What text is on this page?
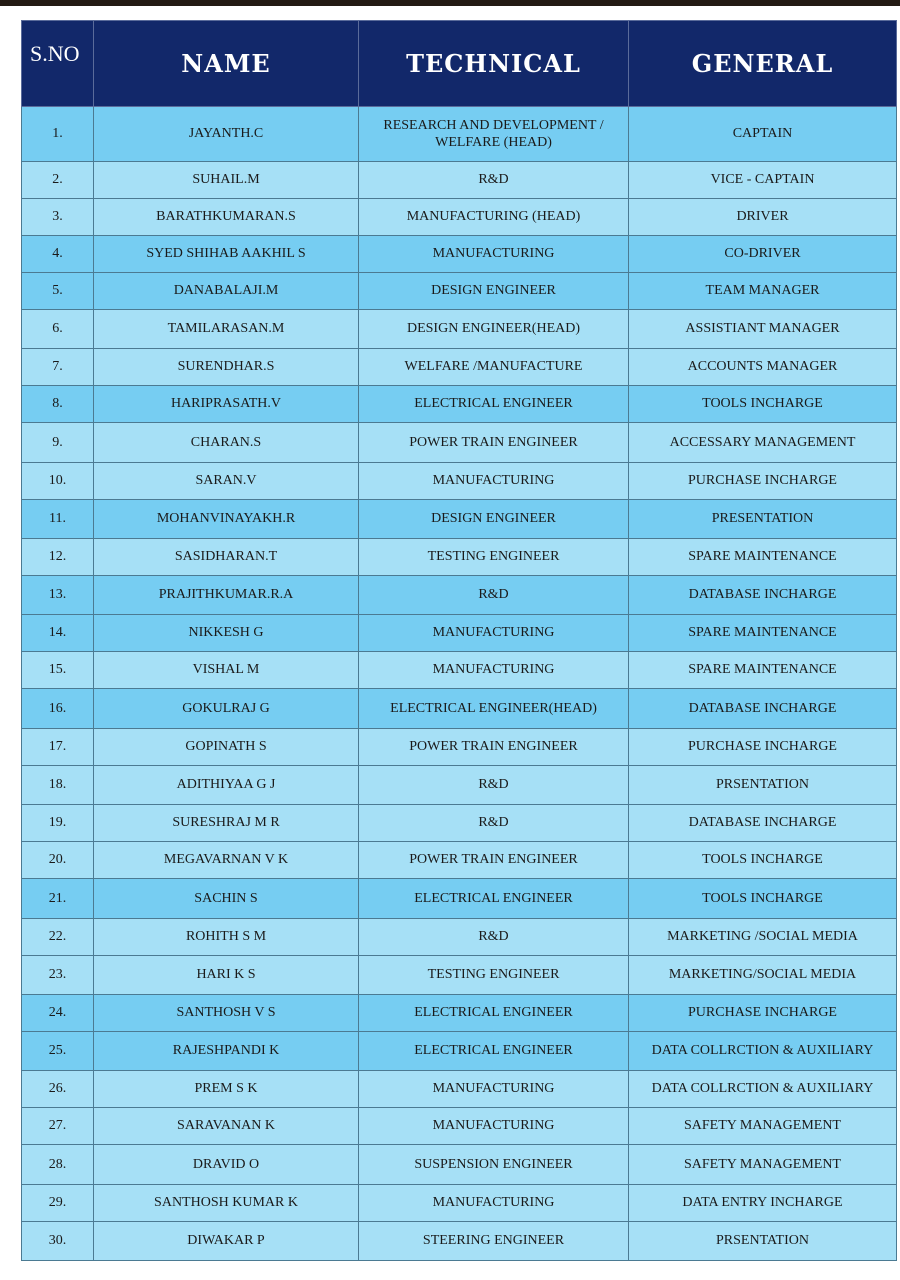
S.NO	NAME	TECHNICAL	GENERAL
1.	JAYANTH.C	RESEARCH AND DEVELOPMENT / WELFARE (HEAD)	CAPTAIN
2.	SUHAIL.M	R&D	VICE - CAPTAIN
3.	BARATHKUMARAN.S	MANUFACTURING (HEAD)	DRIVER
4.	SYED SHIHAB AAKHIL S	MANUFACTURING	CO-DRIVER
5.	DANABALAJI.M	DESIGN ENGINEER	TEAM MANAGER
6.	TAMILARASAN.M	DESIGN ENGINEER(HEAD)	ASSISTIANT MANAGER
7.	SURENDHAR.S	WELFARE /MANUFACTURE	ACCOUNTS MANAGER
8.	HARIPRASATH.V	ELECTRICAL ENGINEER	TOOLS INCHARGE
9.	CHARAN.S	POWER TRAIN ENGINEER	ACCESSARY MANAGEMENT
10.	SARAN.V	MANUFACTURING	PURCHASE INCHARGE
11.	MOHANVINAYAKH.R	DESIGN ENGINEER	PRESENTATION
12.	SASIDHARAN.T	TESTING ENGINEER	SPARE MAINTENANCE
13.	PRAJITHKUMAR.R.A	R&D	DATABASE INCHARGE
14.	NIKKESH G	MANUFACTURING	SPARE MAINTENANCE
15.	VISHAL M	MANUFACTURING	SPARE MAINTENANCE
16.	GOKULRAJ G	ELECTRICAL ENGINEER(HEAD)	DATABASE INCHARGE
17.	GOPINATH S	POWER TRAIN ENGINEER	PURCHASE INCHARGE
18.	ADITHIYAA G J	R&D	PRSENTATION
19.	SURESHRAJ M R	R&D	DATABASE INCHARGE
20.	MEGAVARNAN V K	POWER TRAIN ENGINEER	TOOLS INCHARGE
21.	SACHIN S	ELECTRICAL ENGINEER	TOOLS INCHARGE
22.	ROHITH S M	R&D	MARKETING /SOCIAL MEDIA
23.	HARI K S	TESTING ENGINEER	MARKETING/SOCIAL MEDIA
24.	SANTHOSH V S	ELECTRICAL ENGINEER	PURCHASE INCHARGE
25.	RAJESHPANDI K	ELECTRICAL ENGINEER	DATA COLLRCTION & AUXILIARY
26.	PREM S K	MANUFACTURING	DATA COLLRCTION & AUXILIARY
27.	SARAVANAN K	MANUFACTURING	SAFETY MANAGEMENT
28.	DRAVID O	SUSPENSION ENGINEER	SAFETY MANAGEMENT
29.	SANTHOSH KUMAR K	MANUFACTURING	DATA ENTRY INCHARGE
30.	DIWAKAR P	STEERING ENGINEER	PRSENTATION
